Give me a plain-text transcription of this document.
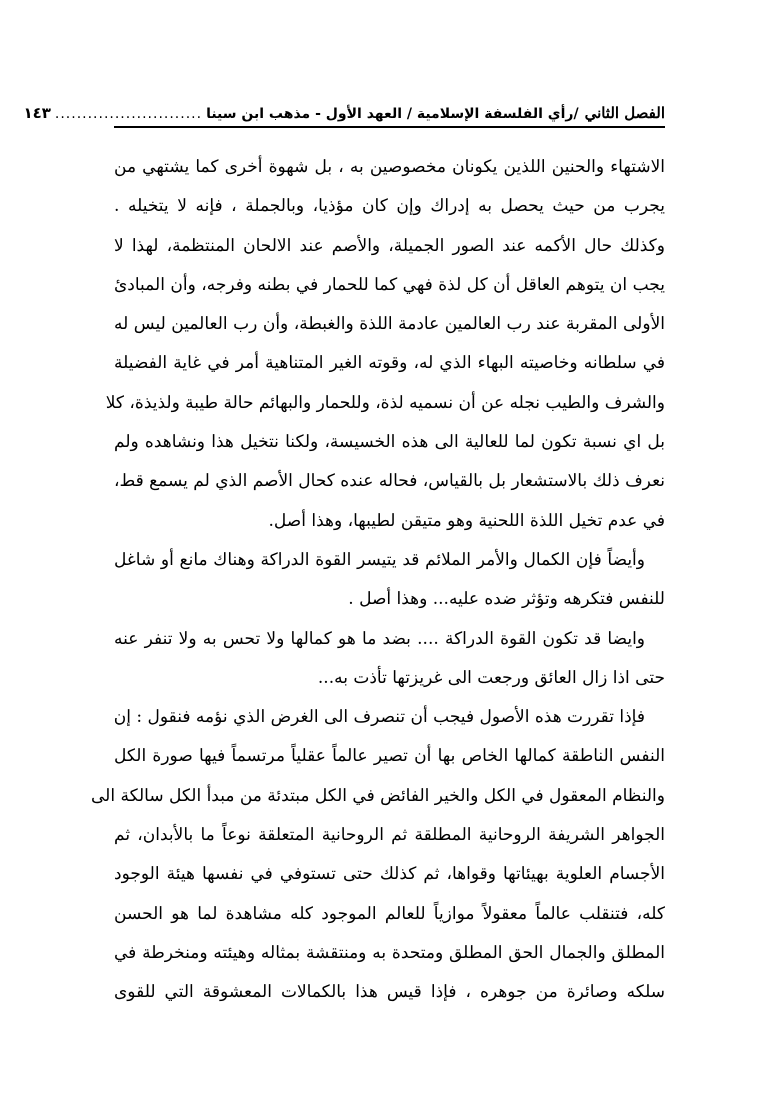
الفصل الثاني
/رأي الفلسفة الإسلامية / العهد الأول - مذهب ابن سينا
...........................
١٤٣
الاشتهاء والحنين اللذين يكونان مخصوصين به ، بل شهوة أخرى كما يشتهي من
يجرب من حيث يحصل به إدراك وإن كان مؤذيا، وبالجملة ، فإنه لا يتخيله .
وكذلك حال الأكمه عند الصور الجميلة، والأصم عند الالحان المنتظمة، لهذا لا
يجب ان يتوهم العاقل أن كل لذة فهي كما للحمار في بطنه وفرجه، وأن المبادئ
الأولى المقربة عند رب العالمين عادمة اللذة والغبطة، وأن رب العالمين ليس له
في سلطانه وخاصيته البهاء الذي له، وقوته الغير المتناهية أمر في غاية الفضيلة
والشرف والطيب نجله عن أن نسميه لذة، وللحمار والبهائم حالة طيبة ولذيذة، كلا
بل اي نسبة تكون لما للعالية الى هذه الخسيسة، ولكنا نتخيل هذا ونشاهده ولم
نعرف ذلك بالاستشعار بل بالقياس، فحاله عنده كحال الأصم الذي لم يسمع قط،
في عدم تخيل اللذة اللحنية وهو متيقن لطيبها، وهذا أصل.
وأيضاً فإن الكمال والأمر الملائم قد يتيسر القوة الدراكة وهناك مانع أو شاغل
للنفس فتكرهه وتؤثر ضده عليه... وهذا أصل .
وايضا قد تكون القوة الدراكة .... بضد ما هو كمالها ولا تحس به ولا تنفر عنه
حتى اذا زال العائق ورجعت الى غريزتها تأذت به...
فإذا تقررت هذه الأصول فيجب أن تنصرف الى الغرض الذي نؤمه فنقول : إن
النفس الناطقة كمالها الخاص بها أن تصير عالماً عقلياً مرتسماً فيها صورة الكل
والنظام المعقول في الكل والخير الفائض في الكل مبتدئة من مبدأ الكل سالكة الى
الجواهر الشريفة الروحانية المطلقة ثم الروحانية المتعلقة نوعاً ما بالأبدان، ثم
الأجسام العلوية بهيئاتها وقواها، ثم كذلك حتى تستوفي في نفسها هيئة الوجود
كله، فتنقلب عالماً معقولاً موازياً للعالم الموجود كله مشاهدة لما هو الحسن
المطلق والجمال الحق المطلق ومتحدة به ومنتقشة بمثاله وهيئته ومنخرطة في
سلكه وصائرة من جوهره ، فإذا قيس هذا بالكمالات المعشوقة التي للقوى
